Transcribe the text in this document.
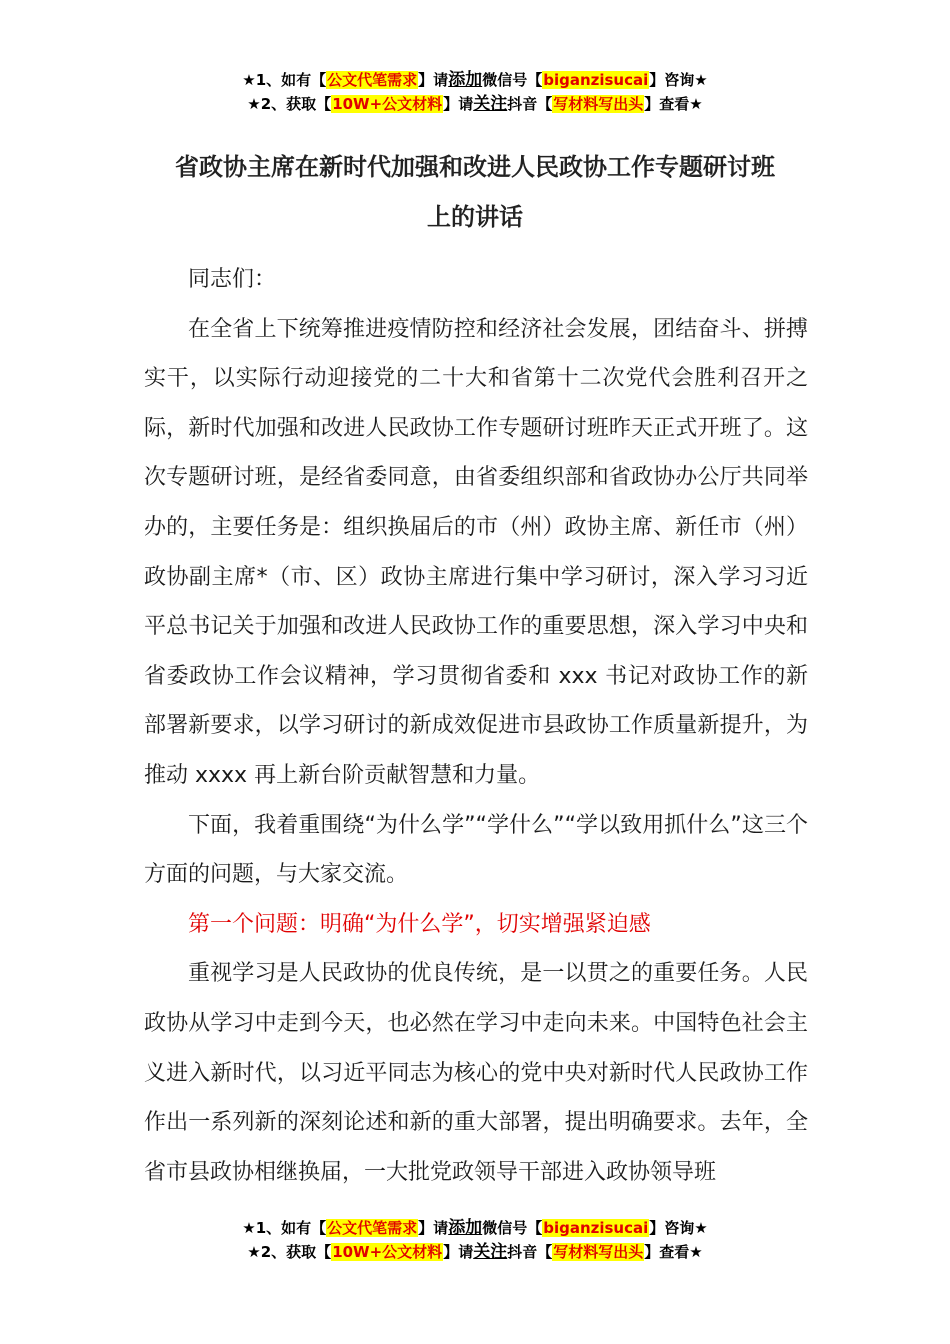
★1、如有【公文代笔需求】请添加微信号【biganzisucai】咨询★
★2、获取【10W+公文材料】请关注抖音【写材料写出头】查看★
省政协主席在新时代加强和改进人民政协工作专题研讨班
上的讲话

同志们：

在全省上下统筹推进疫情防控和经济社会发展，团结奋斗、拼搏实干，以实际行动迎接党的二十大和省第十二次党代会胜利召开之际，新时代加强和改进人民政协工作专题研讨班昨天正式开班了。这次专题研讨班，是经省委同意，由省委组织部和省政协办公厅共同举办的，主要任务是：组织换届后的市（州）政协主席、新任市（州）政协副主席*（市、区）政协主席进行集中学习研讨，深入学习习近平总书记关于加强和改进人民政协工作的重要思想，深入学习中央和省委政协工作会议精神，学习贯彻省委和 xxx 书记对政协工作的新部署新要求，以学习研讨的新成效促进市县政协工作质量新提升，为推动 xxxx 再上新台阶贡献智慧和力量。

下面，我着重围绕“为什么学”“学什么”“学以致用抓什么”这三个方面的问题，与大家交流。

第一个问题：明确“为什么学”，切实增强紧迫感

重视学习是人民政协的优良传统，是一以贯之的重要任务。人民政协从学习中走到今天，也必然在学习中走向未来。中国特色社会主义进入新时代，以习近平同志为核心的党中央对新时代人民政协工作作出一系列新的深刻论述和新的重大部署，提出明确要求。去年，全省市县政协相继换届，一大批党政领导干部进入政协领导班

★1、如有【公文代笔需求】请添加微信号【biganzisucai】咨询★
★2、获取【10W+公文材料】请关注抖音【写材料写出头】查看★
